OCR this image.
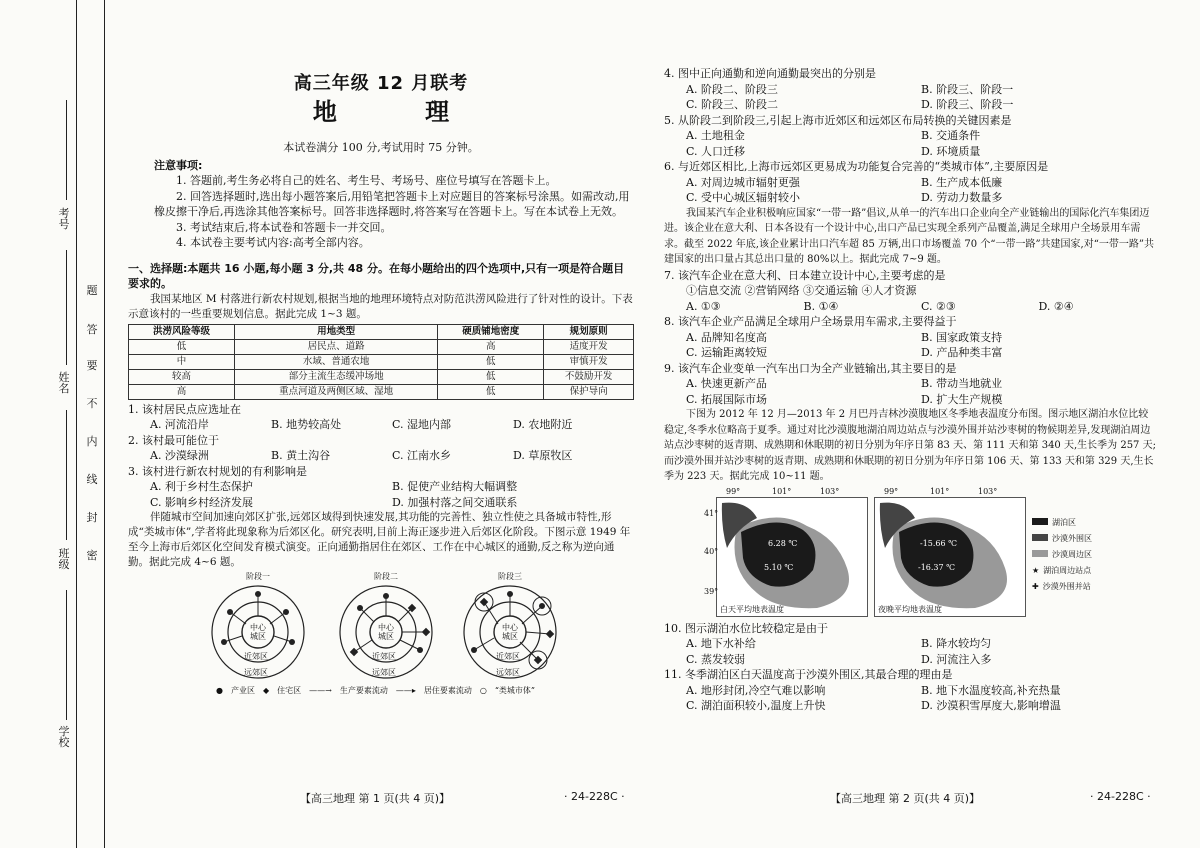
考号
姓名
班级
学校
题
答
要
不
内
线
封
密
高三年级 12 月联考
地 理
本试卷满分 100 分,考试用时 75 分钟。
注意事项:

1. 答题前,考生务必将自己的姓名、考生号、考场号、座位号填写在答题卡上。

2. 回答选择题时,选出每小题答案后,用铅笔把答题卡上对应题目的答案标号涂黑。如需改动,用橡皮擦干净后,再选涂其他答案标号。回答非选择题时,将答案写在答题卡上。写在本试卷上无效。

3. 考试结束后,将本试卷和答题卡一并交回。

4. 本试卷主要考试内容:高考全部内容。

一、选择题:本题共 16 小题,每小题 3 分,共 48 分。在每小题给出的四个选项中,只有一项是符合题目要求的。

我国某地区 M 村落进行新农村规划,根据当地的地理环境特点对防范洪涝风险进行了针对性的设计。下表示意该村的一些重要规划信息。据此完成 1~3 题。

洪涝风险等级	用地类型	硬质铺地密度	规划原则
低	居民点、道路	高	适度开发
中	水域、普通农地	低	审慎开发
较高	部分主流生态缓冲场地	低	不鼓励开发
高	重点河道及两侧区域、湿地	低	保护导向
1. 该村居民点应选址在
A. 河流沿岸	B. 地势较高处	C. 湿地内部	D. 农地附近
2. 该村最可能位于
A. 沙漠绿洲	B. 黄土沟谷	C. 江南水乡	D. 草原牧区
3. 该村进行新农村规划的有利影响是
A. 利于乡村生态保护	B. 促使产业结构大幅调整
C. 影响乡村经济发展	D. 加强村落之间交通联系

伴随城市空间加速向郊区扩张,远郊区域得到快速发展,其功能的完善性、独立性使之具备城市特性,形成“类城市体”,学者将此现象称为后郊区化。研究表明,目前上海正逐步进入后郊区化阶段。下图示意 1949 年至今上海市后郊区化空间发育模式演变。正向通勤指居住在郊区、工作在中心城区的通勤,反之称为逆向通勤。据此完成 4~6 题。

阶段一	阶段二	阶段三
中心城区
近郊区
远郊区
中心城区
近郊区
远郊区
中心城区
近郊区
远郊区
● 产业区 ◆ 住宅区 ——→ 生产要素流动 ——▸ 居住要素流动 ○ “类城市体”
【高三地理 第 1 页(共 4 页)】	· 24-228C ·
4. 图中正向通勤和逆向通勤最突出的分别是
A. 阶段二、阶段三	B. 阶段三、阶段一
C. 阶段三、阶段二	D. 阶段三、阶段一
5. 从阶段二到阶段三,引起上海市近郊区和远郊区布局转换的关键因素是
A. 土地租金	B. 交通条件
C. 人口迁移	D. 环境质量
6. 与近郊区相比,上海市远郊区更易成为功能复合完善的“类城市体”,主要原因是
A. 对周边城市辐射更强	B. 生产成本低廉
C. 受中心城区辐射较小	D. 劳动力数量多

我国某汽车企业积极响应国家“一带一路”倡议,从单一的汽车出口企业向全产业链输出的国际化汽车集团迈进。该企业在意大利、日本各设有一个设计中心,出口产品已实现全系列产品覆盖,满足全球用户全场景用车需求。截至 2022 年底,该企业累计出口汽车超 85 万辆,出口市场覆盖 70 个“一带一路”共建国家,对“一带一路”共建国家的出口量占其总出口量的 80%以上。据此完成 7~9 题。

7. 该汽车企业在意大利、日本建立设计中心,主要考虑的是
①信息交流 ②营销网络 ③交通运输 ④人才资源
A. ①③	B. ①④	C. ②③	D. ②④
8. 该汽车企业产品满足全球用户全场景用车需求,主要得益于
A. 品牌知名度高	B. 国家政策支持
C. 运输距离较短	D. 产品种类丰富
9. 该汽车企业变单一汽车出口为全产业链输出,其主要目的是
A. 快速更新产品	B. 带动当地就业
C. 拓展国际市场	D. 扩大生产规模

下图为 2012 年 12 月—2013 年 2 月巴丹吉林沙漠腹地区冬季地表温度分布图。图示地区湖泊水位比较稳定,冬季水位略高于夏季。通过对比沙漠腹地湖泊周边站点与沙漠外围并站沙枣树的物候期差异,发现湖泊周边站点沙枣树的返青期、成熟期和休眠期的初日分别为年序日第 83 天、第 111 天和第 340 天,生长季为 257 天;而沙漠外围并站沙枣树的返青期、成熟期和休眠期的初日分别为年序日第 106 天、第 133 天和第 329 天,生长季为 223 天。据此完成 10~11 题。

99°	101°	103°	99°	101°	103°
41°
40°
39°
6.28 ℃
5.10 ℃
-15.66 ℃
-16.37 ℃
白天平均地表温度	夜晚平均地表温度
湖泊区
沙漠外围区
沙漠周边区
★ 湖泊周边站点
✚ 沙漠外围并站
10. 图示湖泊水位比较稳定是由于
A. 地下水补给	B. 降水较均匀
C. 蒸发较弱	D. 河流注入多
11. 冬季湖泊区白天温度高于沙漠外围区,其最合理的理由是
A. 地形封闭,冷空气难以影响	B. 地下水温度较高,补充热量
C. 湖泊面积较小,温度上升快	D. 沙漠积雪厚度大,影响增温
【高三地理 第 2 页(共 4 页)】	· 24-228C ·
